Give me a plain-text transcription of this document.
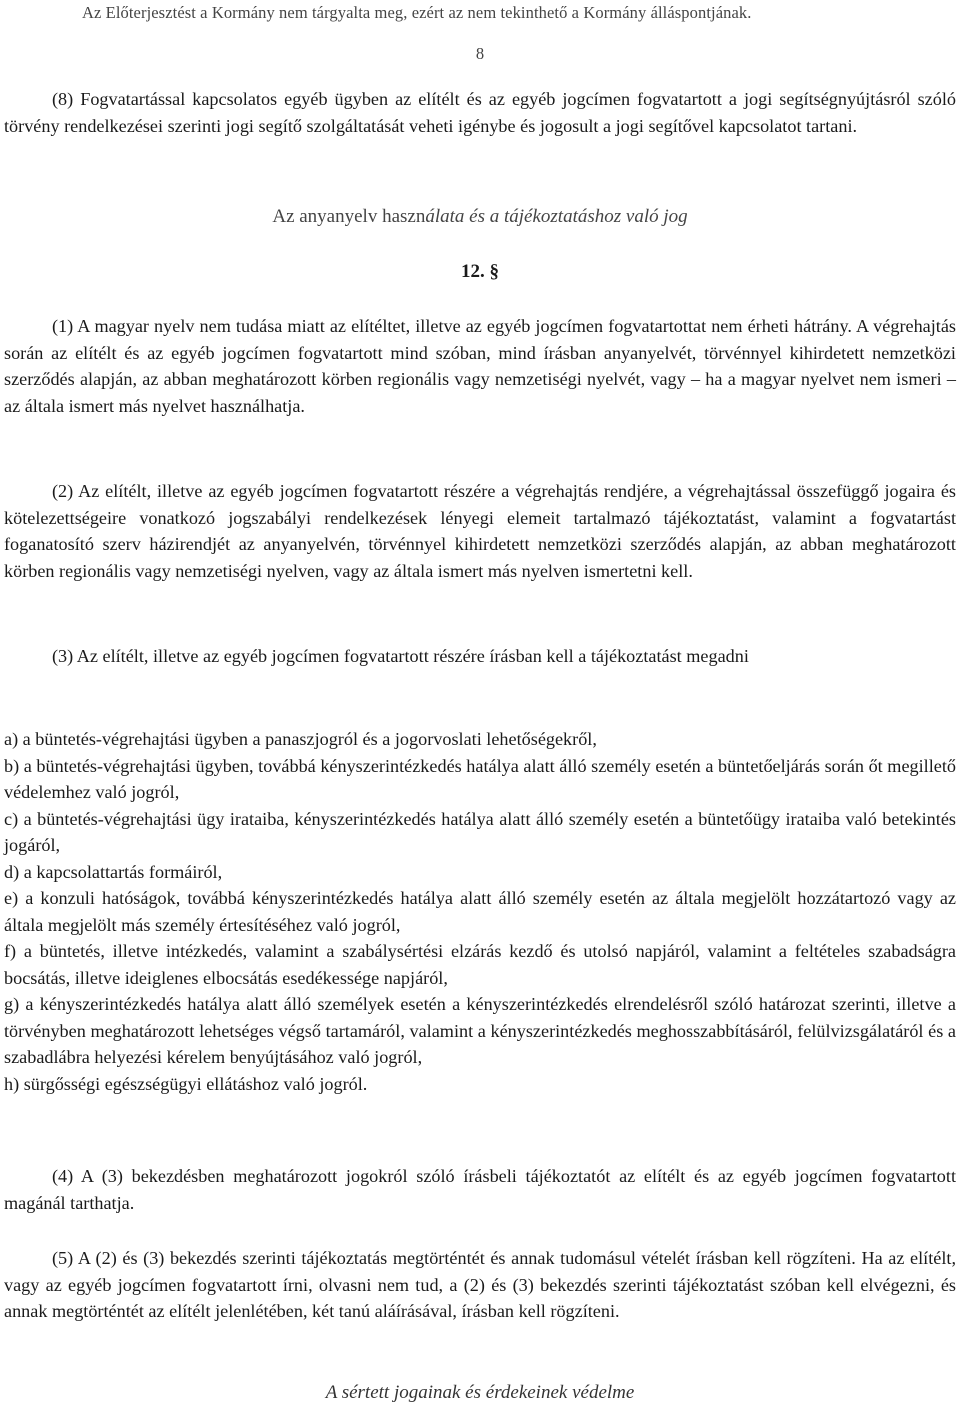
Az Előterjesztést a Kormány nem tárgyalta meg, ezért az nem tekinthető a Kormány álláspontjának.
8

(8) Fogvatartással kapcsolatos egyéb ügyben az elítélt és az egyéb jogcímen fogvatartott a jogi segítségnyújtásról szóló törvény rendelkezései szerinti jogi segítő szolgáltatását veheti igénybe és jogosult a jogi segítővel kapcsolatot tartani.

Az anyanyelv használata és a tájékoztatáshoz való jog
12. §

(1) A magyar nyelv nem tudása miatt az elítéltet, illetve az egyéb jogcímen fogvatartottat nem érheti hátrány. A végrehajtás során az elítélt és az egyéb jogcímen fogvatartott mind szóban, mind írásban anyanyelvét, törvénnyel kihirdetett nemzetközi szerződés alapján, az abban meghatározott körben regionális vagy nemzetiségi nyelvét, vagy – ha a magyar nyelvet nem ismeri – az általa ismert más nyelvet használhatja.

(2) Az elítélt, illetve az egyéb jogcímen fogvatartott részére a végrehajtás rendjére, a végrehajtással összefüggő jogaira és kötelezettségeire vonatkozó jogszabályi rendelkezések lényegi elemeit tartalmazó tájékoztatást, valamint a fogvatartást foganatosító szerv házirendjét az anyanyelvén, törvénnyel kihirdetett nemzetközi szerződés alapján, az abban meghatározott körben regionális vagy nemzetiségi nyelven, vagy az általa ismert más nyelven ismertetni kell.

(3) Az elítélt, illetve az egyéb jogcímen fogvatartott részére írásban kell a tájékoztatást megadni

a) a büntetés-végrehajtási ügyben a panaszjogról és a jogorvoslati lehetőségekről,

b) a büntetés-végrehajtási ügyben, továbbá kényszerintézkedés hatálya alatt álló személy esetén a büntetőeljárás során őt megillető védelemhez való jogról,

c) a büntetés-végrehajtási ügy irataiba, kényszerintézkedés hatálya alatt álló személy esetén a büntetőügy irataiba való betekintés jogáról,

d) a kapcsolattartás formáiról,

e) a konzuli hatóságok, továbbá kényszerintézkedés hatálya alatt álló személy esetén az általa megjelölt hozzátartozó vagy az általa megjelölt más személy értesítéséhez való jogról,

f) a büntetés, illetve intézkedés, valamint a szabálysértési elzárás kezdő és utolsó napjáról, valamint a feltételes szabadságra bocsátás, illetve ideiglenes elbocsátás esedékessége napjáról,

g) a kényszerintézkedés hatálya alatt álló személyek esetén a kényszerintézkedés elrendelésről szóló határozat szerinti, illetve a törvényben meghatározott lehetséges végső tartamáról, valamint a kényszerintézkedés meghosszabbításáról, felülvizsgálatáról és a szabadlábra helyezési kérelem benyújtásához való jogról,

h) sürgősségi egészségügyi ellátáshoz való jogról.

(4) A (3) bekezdésben meghatározott jogokról szóló írásbeli tájékoztatót az elítélt és az egyéb jogcímen fogvatartott magánál tarthatja.

(5) A (2) és (3) bekezdés szerinti tájékoztatás megtörténtét és annak tudomásul vételét írásban kell rögzíteni. Ha az elítélt, vagy az egyéb jogcímen fogvatartott írni, olvasni nem tud, a (2) és (3) bekezdés szerinti tájékoztatást szóban kell elvégezni, és annak megtörténtét az elítélt jelenlétében, két tanú aláírásával, írásban kell rögzíteni.

A sértett jogainak és érdekeinek védelme
